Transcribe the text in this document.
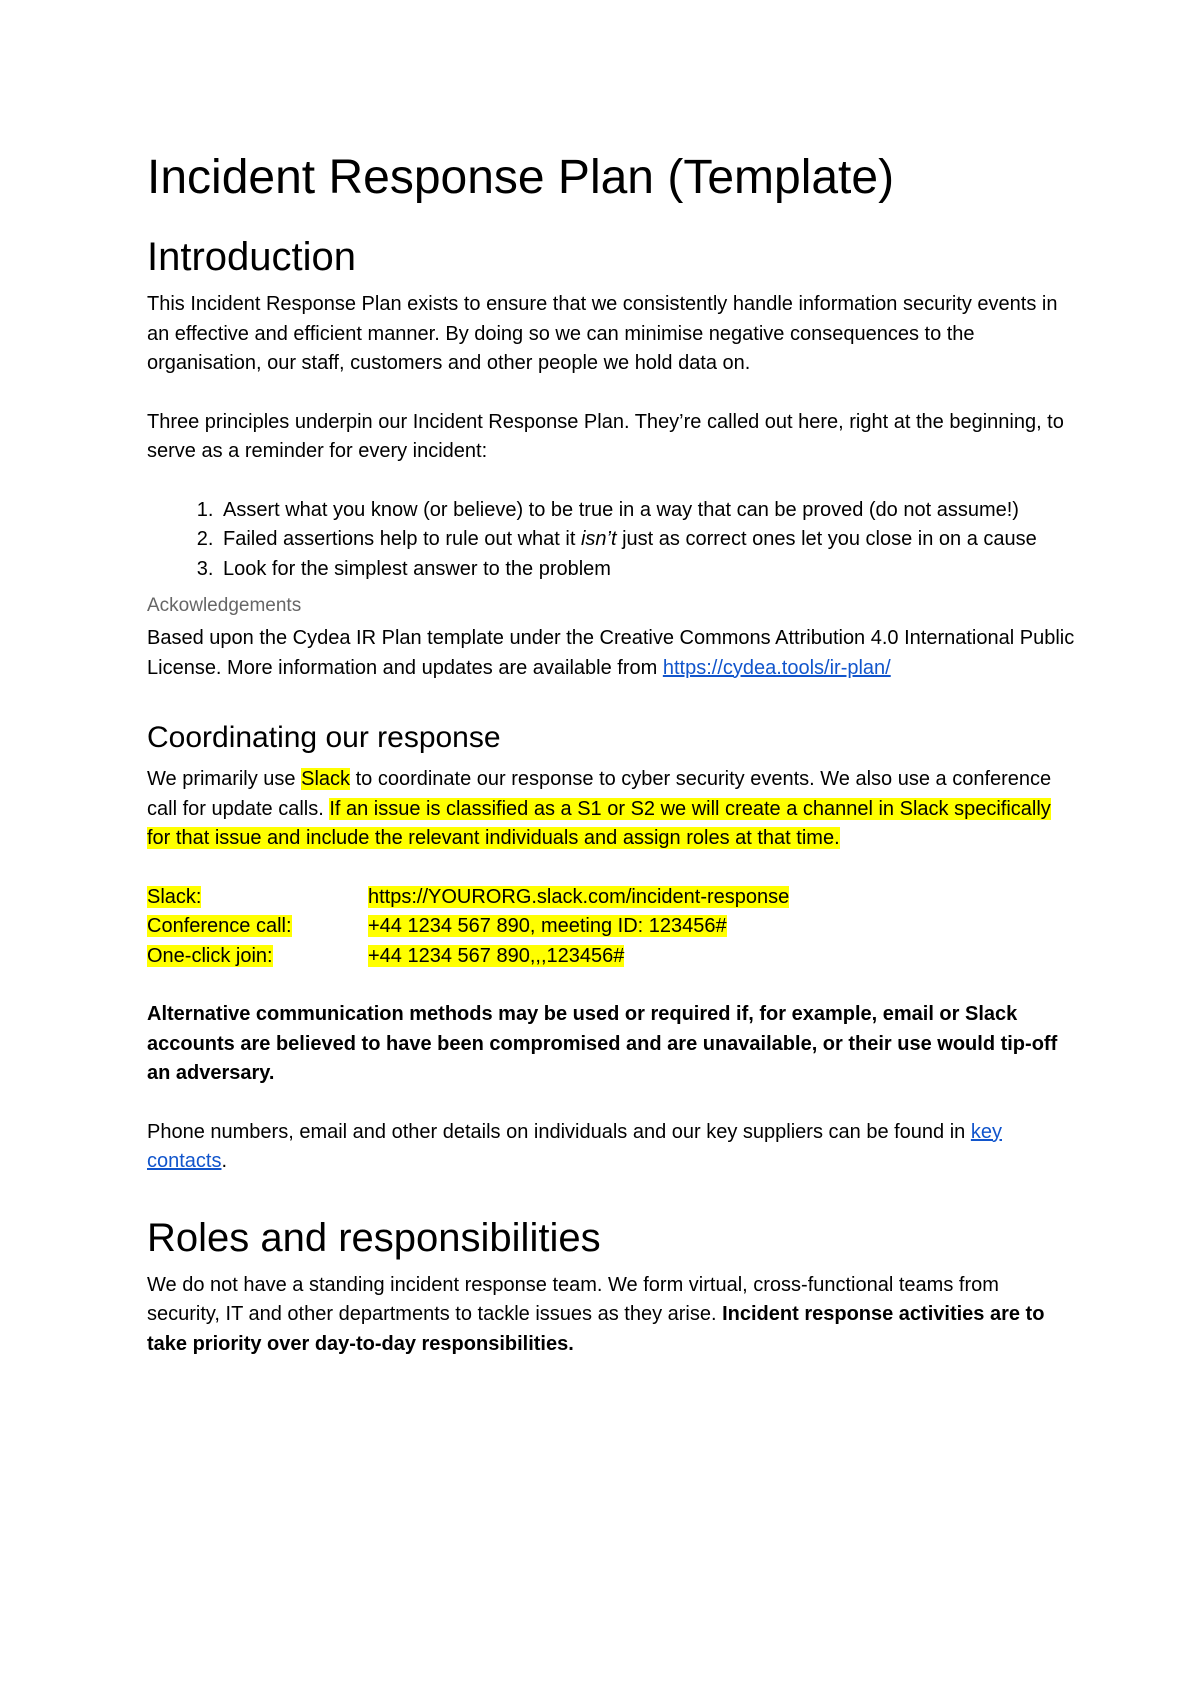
Incident Response Plan (Template)
Introduction

This Incident Response Plan exists to ensure that we consistently handle information security events in an effective and efficient manner. By doing so we can minimise negative consequences to the organisation, our staff, customers and other people we hold data on.

Three principles underpin our Incident Response Plan. They’re called out here, right at the beginning, to serve as a reminder for every incident:

1. Assert what you know (or believe) to be true in a way that can be proved (do not assume!)
2. Failed assertions help to rule out what it isn’t just as correct ones let you close in on a cause
3. Look for the simplest answer to the problem
Ackowledgements

Based upon the Cydea IR Plan template under the Creative Commons Attribution 4.0 International Public License. More information and updates are available from https://cydea.tools/ir-plan/

Coordinating our response

We primarily use Slack to coordinate our response to cyber security events. We also use a conference call for update calls. If an issue is classified as a S1 or S2 we will create a channel in Slack specifically for that issue and include the relevant individuals and assign roles at that time.

Slack:	https://YOURORG.slack.com/incident-response
Conference call:	+44 1234 567 890, meeting ID: 123456#
One-click join:	+44 1234 567 890,,,123456#

Alternative communication methods may be used or required if, for example, email or Slack accounts are believed to have been compromised and are unavailable, or their use would tip-off an adversary.

Phone numbers, email and other details on individuals and our key suppliers can be found in key contacts.

Roles and responsibilities

We do not have a standing incident response team. We form virtual, cross-functional teams from security, IT and other departments to tackle issues as they arise. Incident response activities are to take priority over day-to-day responsibilities.
